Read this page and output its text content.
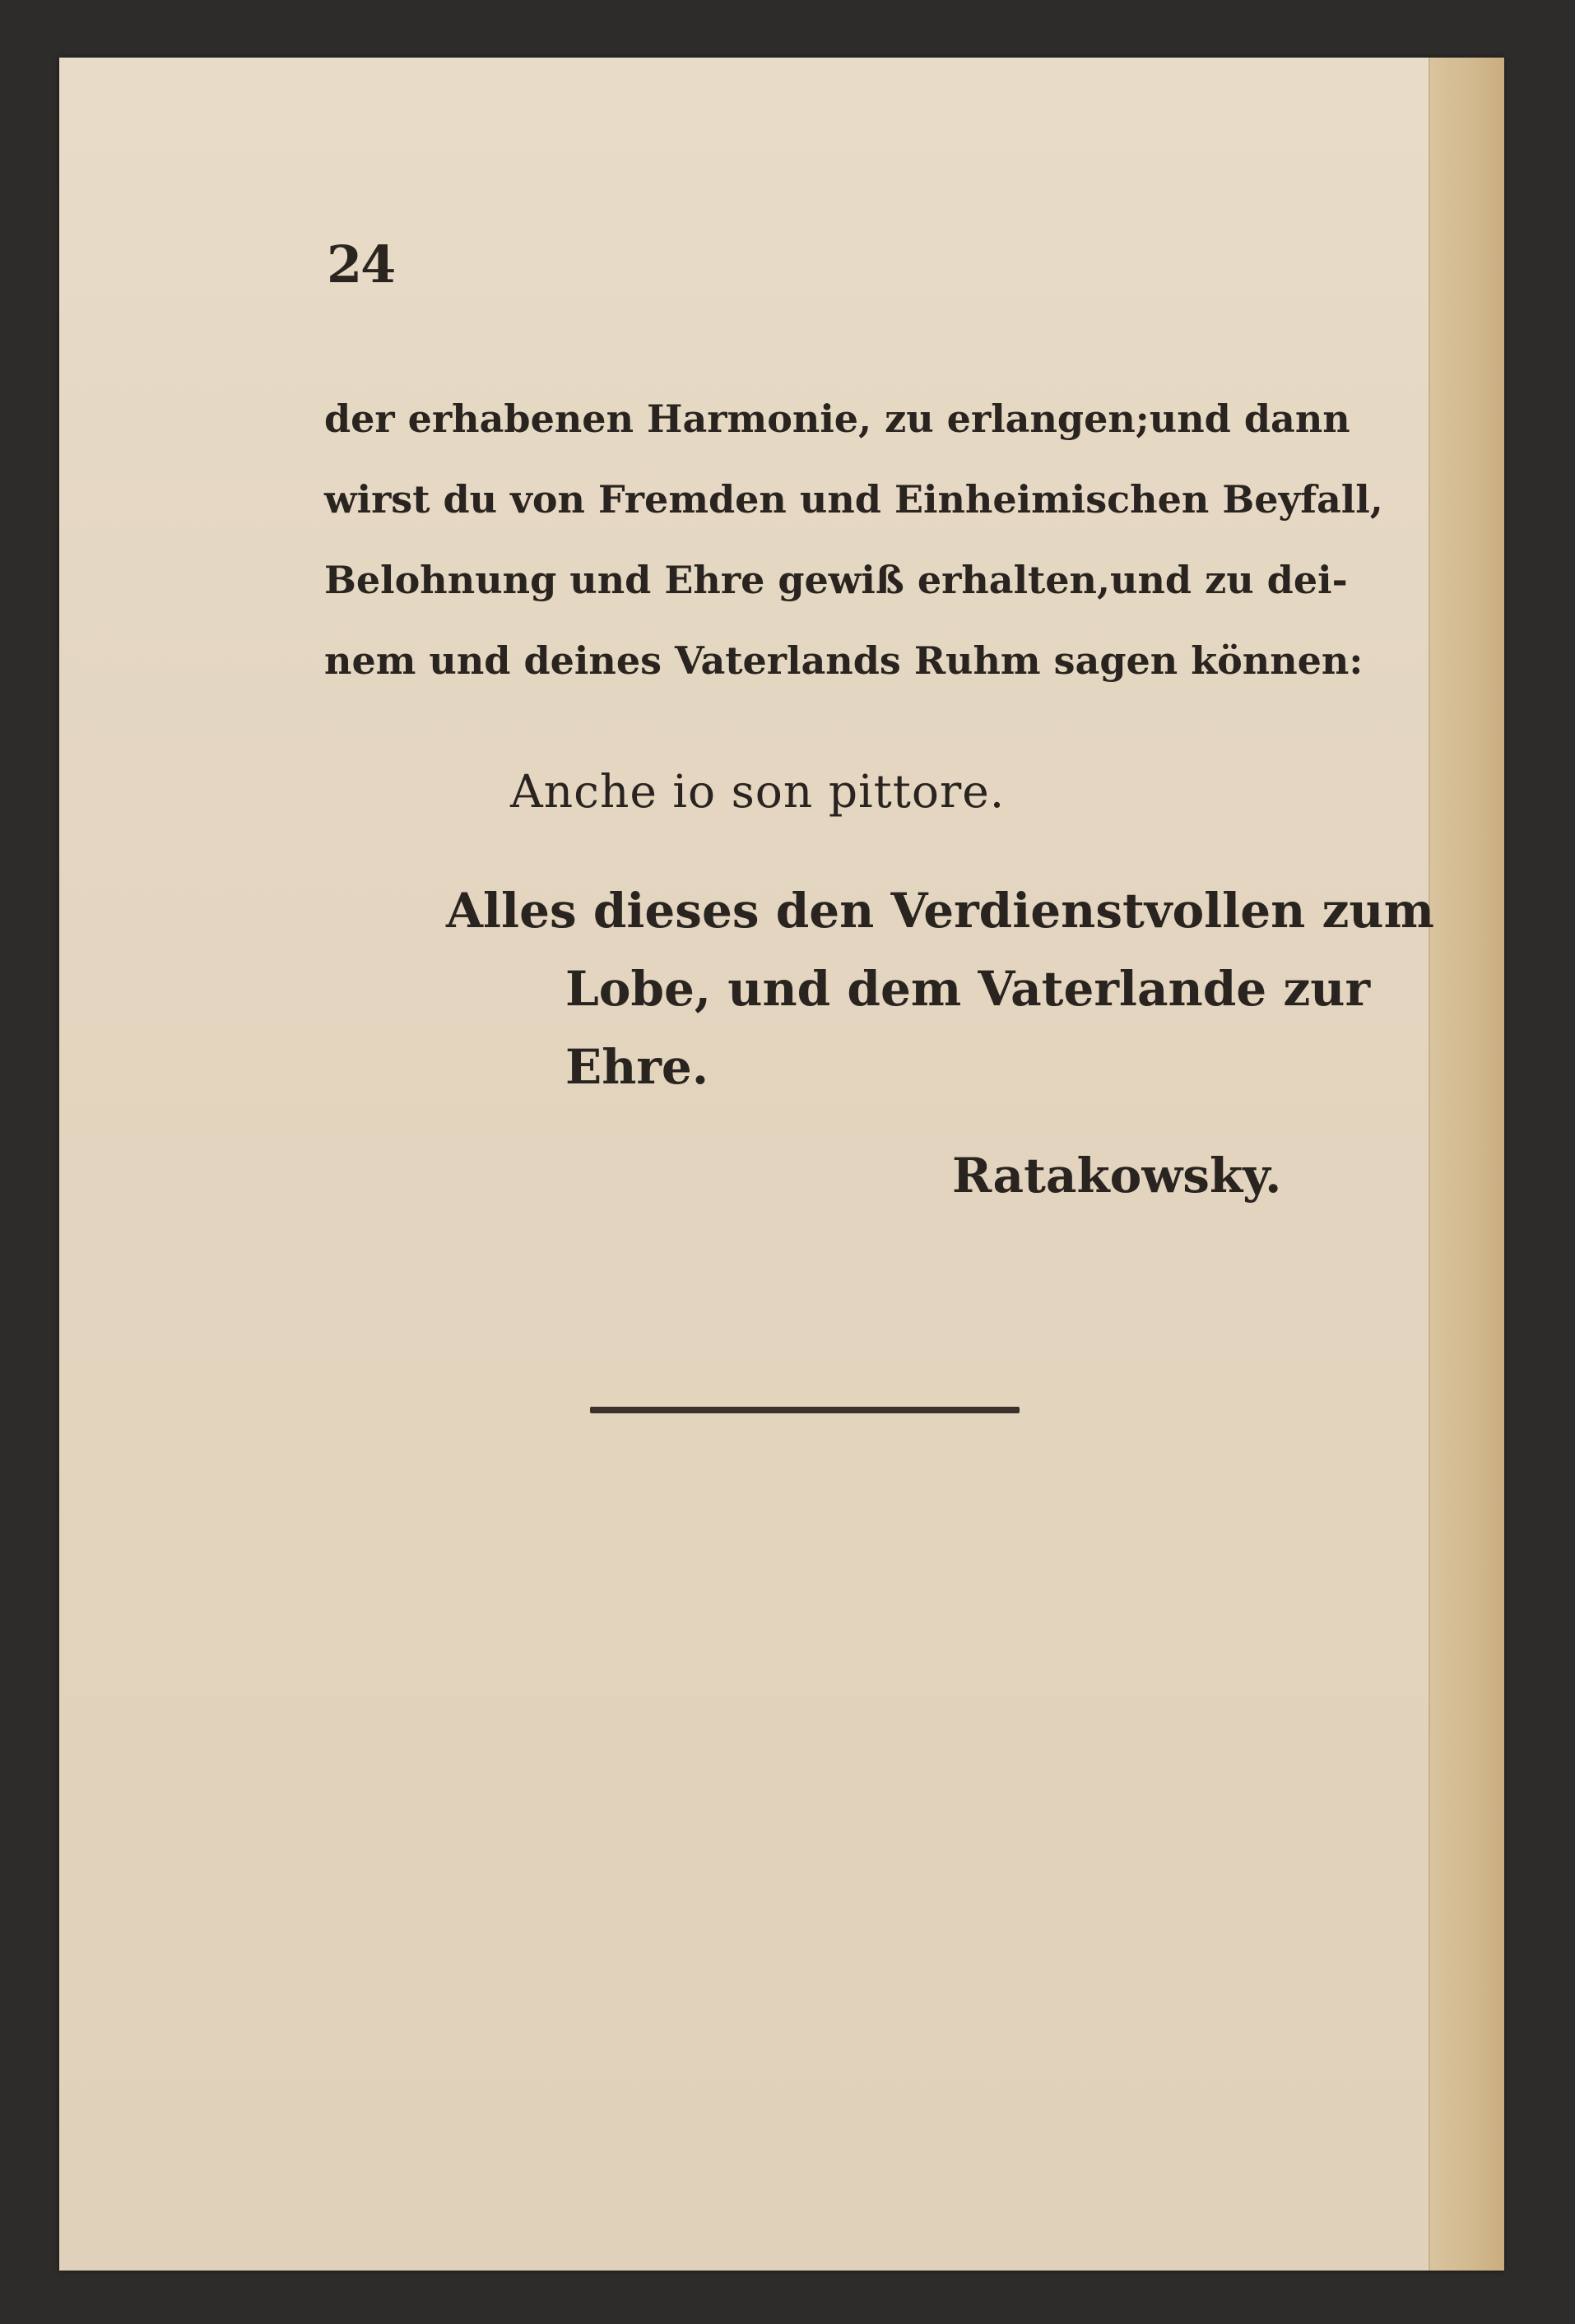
24
der erhabenen Harmonie, zu erlangen; und dann
wirst du von Fremden und Einheimischen Beyfall,
Belohnung und Ehre gewiß erhalten, und zu dei-
nem und deines Vaterlands Ruhm sagen können:
Anche io son pittore.
Alles dieses den Verdienstvollen zum
Lobe, und dem Vaterlande zur
Ehre.
Ratakowsky.
